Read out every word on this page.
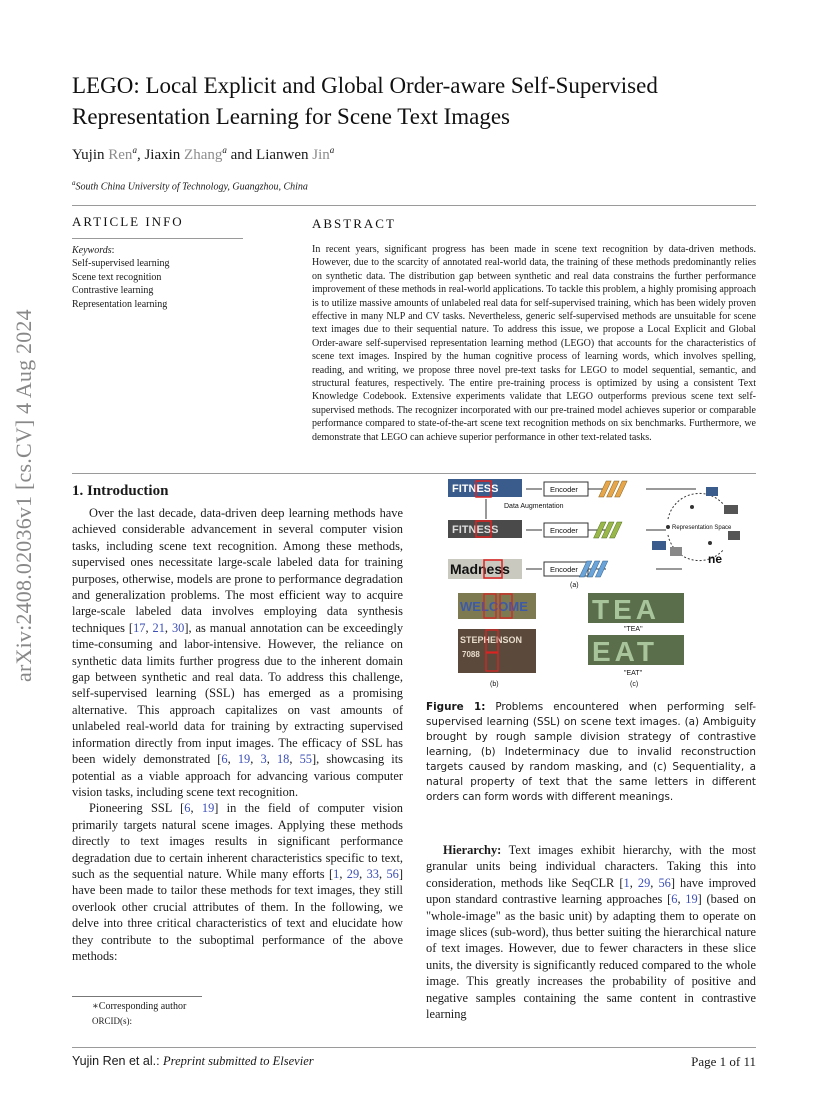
arXiv:2408.02036v1 [cs.CV] 4 Aug 2024
LEGO: Local Explicit and Global Order-aware Self-Supervised Representation Learning for Scene Text Images
Yujin Ren$^a$, Jiaxin Zhang$^a$ and Lianwen Jin$^a$
$^a$South China University of Technology, Guangzhou, China
ARTICLE INFO	ABSTRACT
Keywords:
Self-supervised learning
Scene text recognition
Contrastive learning
Representation learning
In recent years, significant progress has been made in scene text recognition by data-driven methods. However, due to the scarcity of annotated real-world data, the training of these methods predominantly relies on synthetic data. The distribution gap between synthetic and real data constrains the further performance improvement of these methods in real-world applications. To tackle this problem, a highly promising approach is to utilize massive amounts of unlabeled real data for self-supervised training, which has been widely proven effective in many NLP and CV tasks. Nevertheless, generic self-supervised methods are unsuitable for scene text images due to their sequential nature. To address this issue, we propose a Local Explicit and Global Order-aware self-supervised representation learning method (LEGO) that accounts for the characteristics of scene text images. Inspired by the human cognitive process of learning words, which involves spelling, reading, and writing, we propose three novel pre-text tasks for LEGO to model sequential, semantic, and structural features, respectively. The entire pre-training process is optimized by using a consistent Text Knowledge Codebook. Extensive experiments validate that LEGO outperforms previous scene text self-supervised methods. The recognizer incorporated with our pre-trained model achieves superior or comparable performance compared to state-of-the-art scene text recognition methods on six benchmarks. Furthermore, we demonstrate that LEGO can achieve superior performance in other text-related tasks.
1. Introduction

Over the last decade, data-driven deep learning methods have achieved considerable advancement in several computer vision tasks, including scene text recognition. Among these methods, supervised ones necessitate large-scale labeled data for training purposes, otherwise, models are prone to performance degradation and generalization problems. The most efficient way to acquire large-scale labeled data involves employing data synthesis techniques [17, 21, 30], as manual annotation can be exceedingly time-consuming and labor-intensive. However, the reliance on synthetic data limits further progress due to the inherent domain gap between synthetic and real data. To address this challenge, self-supervised learning (SSL) has emerged as a promising alternative. This approach capitalizes on vast amounts of unlabeled real-world data for training by extracting supervised information directly from input images. The efficacy of SSL has been widely demonstrated [6, 19, 3, 18, 55], showcasing its potential as a viable approach for advancing various computer vision tasks, including scene text recognition.

Pioneering SSL [6, 19] in the field of computer vision primarily targets natural scene images. Applying these methods directly to text images results in significant performance degradation due to certain inherent characteristics specific to text, such as the sequential nature. While many efforts [1, 29, 33, 56] have been made to tailor these methods for text images, they still overlook other crucial attributes of them. In the following, we delve into three critical characteristics of text and elucidate how they contribute to the suboptimal performance of the above methods:

FITNESS	Encoder
Data Augmentation
FITNESS	Encoder
Madness	Encoder
Representation Space
ne
(a)
WELCOME
STEPHENSON
7088
(b)
TEA
"TEA"
EAT
"EAT"
(c)
Figure 1: Problems encountered when performing self-supervised learning (SSL) on scene text images. (a) Ambiguity brought by rough sample division strategy of contrastive learning, (b) Indeterminacy due to invalid reconstruction targets caused by random masking, and (c) Sequentiality, a natural property of text that the same letters in different orders can form words with different meanings.

Hierarchy: Text images exhibit hierarchy, with the most granular units being individual characters. Taking this into consideration, methods like SeqCLR [1, 29, 56] have improved upon standard contrastive learning approaches [6, 19] (based on "whole-image" as the basic unit) by adapting them to operate on image slices (sub-word), thus better suiting the hierarchical nature of text images. However, due to fewer characters in these slice units, the diversity is significantly reduced compared to the whole image. This greatly increases the probability of positive and negative samples containing the same content in contrastive learning

∗Corresponding author
ORCID(s):
Yujin Ren et al.: Preprint submitted to Elsevier	Page 1 of 11
